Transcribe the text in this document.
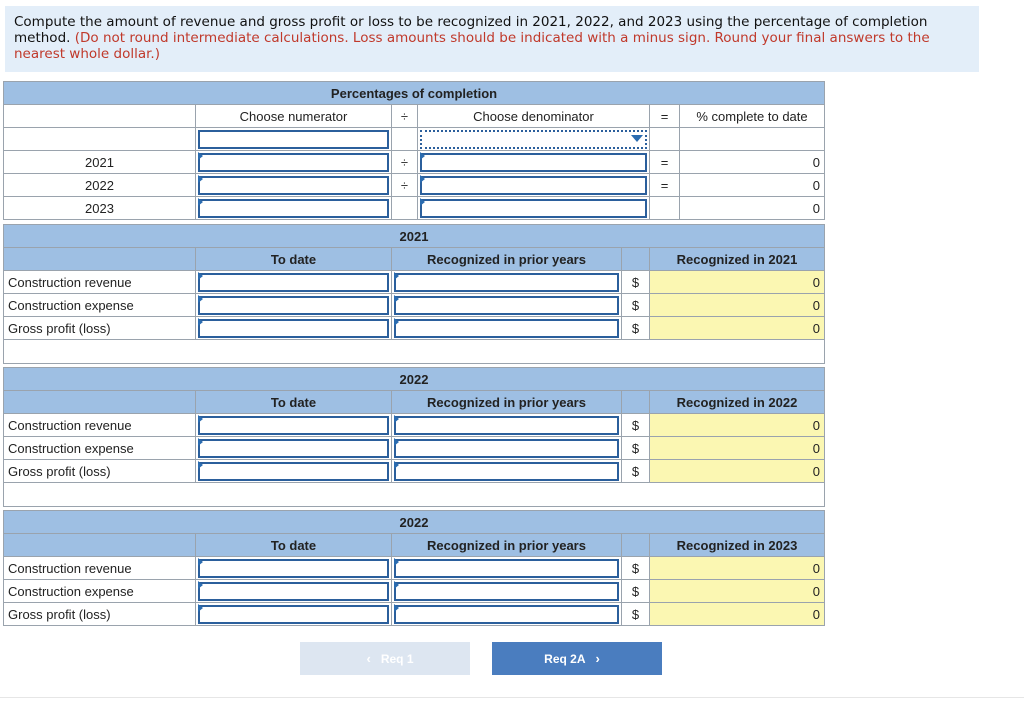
Compute the amount of revenue and gross profit or loss to be recognized in 2021, 2022, and 2023 using the percentage of completion method. (Do not round intermediate calculations. Loss amounts should be indicated with a minus sign. Round your final answers to the nearest whole dollar.)
Percentages of completion					
	Choose numerator	÷	Choose denominator	=	% complete to date

2021		÷		=	0
2022		÷		=	0
2023					0
2021				
	To date	Recognized in prior years		Recognized in 2021
Construction revenue			$	0
Construction expense			$	0
Gross profit (loss)			$	0

2022				
	To date	Recognized in prior years		Recognized in 2022
Construction revenue			$	0
Construction expense			$	0
Gross profit (loss)			$	0

2022				
	To date	Recognized in prior years		Recognized in 2023
Construction revenue			$	0
Construction expense			$	0
Gross profit (loss)			$	0
‹ Req 1	Req 2A ›
